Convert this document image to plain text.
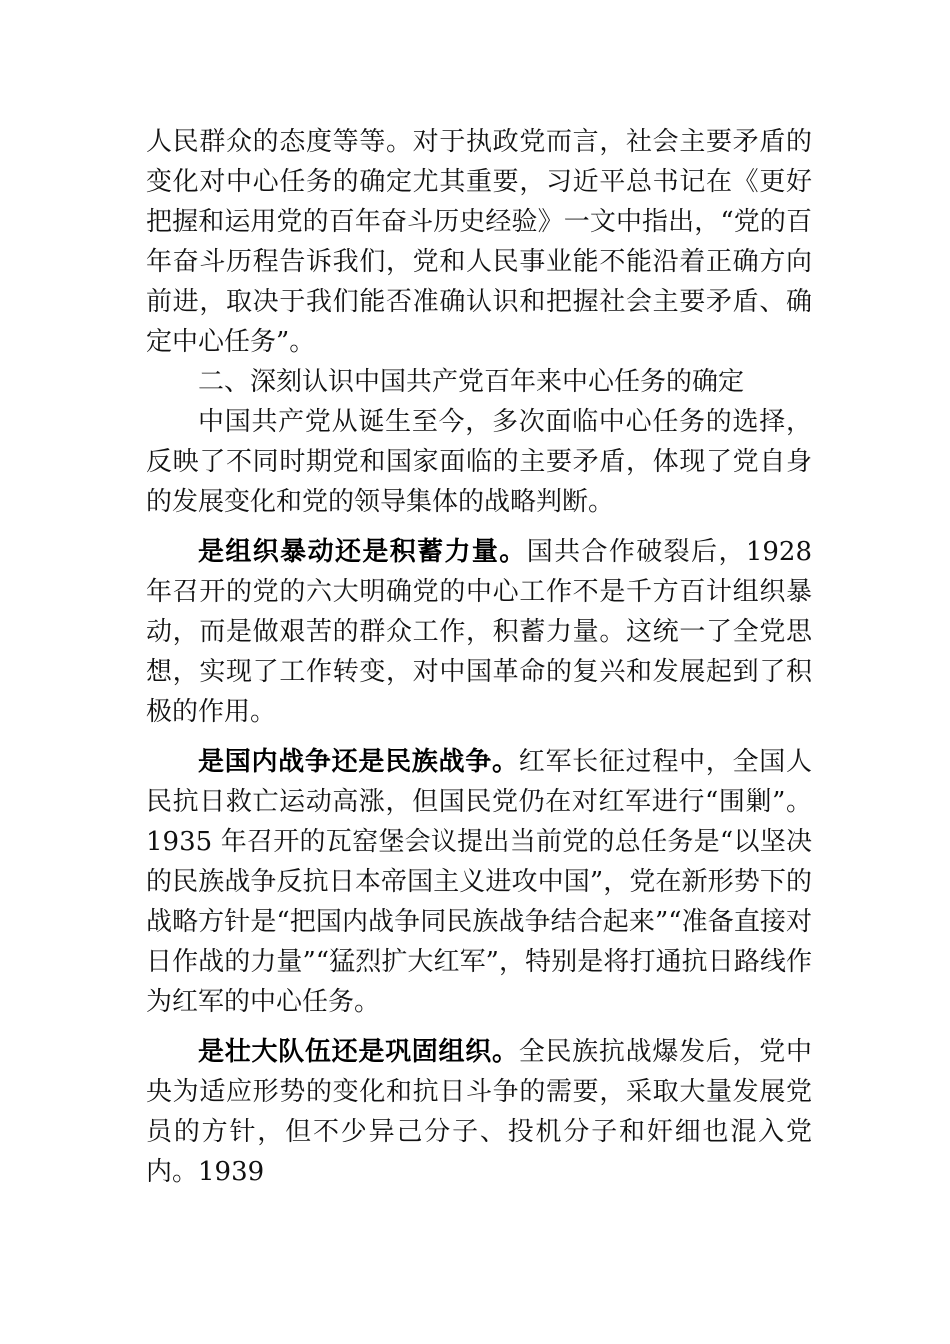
人民群众的态度等等。对于执政党而言，社会主要矛盾的变化对中心任务的确定尤其重要，习近平总书记在《更好把握和运用党的百年奋斗历史经验》一文中指出，“党的百年奋斗历程告诉我们，党和人民事业能不能沿着正确方向前进，取决于我们能否准确认识和把握社会主要矛盾、确定中心任务”。

二、深刻认识中国共产党百年来中心任务的确定

中国共产党从诞生至今，多次面临中心任务的选择，反映了不同时期党和国家面临的主要矛盾，体现了党自身的发展变化和党的领导集体的战略判断。

是组织暴动还是积蓄力量。国共合作破裂后，1928 年召开的党的六大明确党的中心工作不是千方百计组织暴动，而是做艰苦的群众工作，积蓄力量。这统一了全党思想，实现了工作转变，对中国革命的复兴和发展起到了积极的作用。

是国内战争还是民族战争。红军长征过程中，全国人民抗日救亡运动高涨，但国民党仍在对红军进行“围剿”。1935 年召开的瓦窑堡会议提出当前党的总任务是“以坚决的民族战争反抗日本帝国主义进攻中国”，党在新形势下的战略方针是“把国内战争同民族战争结合起来”“准备直接对日作战的力量”“猛烈扩大红军”，特别是将打通抗日路线作为红军的中心任务。

是壮大队伍还是巩固组织。全民族抗战爆发后，党中央为适应形势的变化和抗日斗争的需要，采取大量发展党员的方针，但不少异己分子、投机分子和奸细也混入党内。1939
